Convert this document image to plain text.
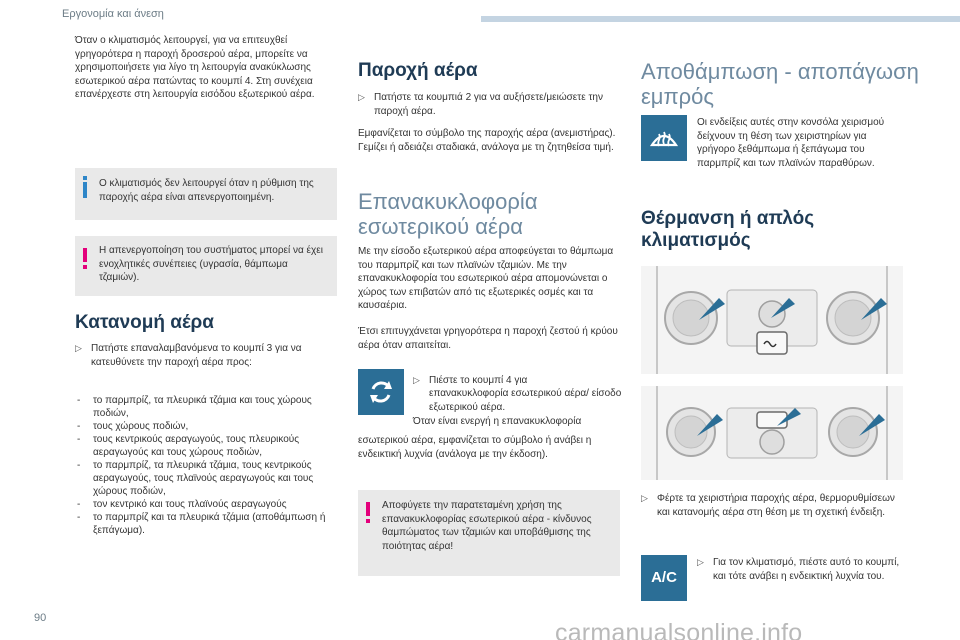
Εργονομία και άνεση

Όταν ο κλιματισμός λειτουργεί, για να επιτευχθεί γρηγορότερα η παροχή δροσερού αέρα, μπορείτε να χρησιμοποιήσετε για λίγο τη λειτουργία ανακύκλωσης εσωτερικού αέρα πατώντας το κουμπί 4. Στη συνέχεια επανέρχεστε στη λειτουργία εισόδου εξωτερικού αέρα.

Ο κλιματισμός δεν λειτουργεί όταν η ρύθμιση της παροχής αέρα είναι απενεργοποιημένη.

Η απενεργοποίηση του συστήματος μπορεί να έχει ενοχλητικές συνέπειες (υγρασία, θάμπωμα τζαμιών).

Κατανομή αέρα
▷ Πατήστε επαναλαμβανόμενα το κουμπί 3 για να κατευθύνετε την παροχή αέρα προς:

- το παρμπρίζ, τα πλευρικά τζάμια και τους χώρους ποδιών,
- τους χώρους ποδιών,
- τους κεντρικούς αεραγωγούς, τους πλευρικούς αεραγωγούς και τους χώρους ποδιών,
- το παρμπρίζ, τα πλευρικά τζάμια, τους κεντρικούς αεραγωγούς, τους πλαϊνούς αεραγωγούς και τους χώρους ποδιών,
- τον κεντρικό και τους πλαϊνούς αεραγωγούς
- το παρμπρίζ και τα πλευρικά τζάμια (αποθάμπωση ή ξεπάγωμα).
Παροχή αέρα
▷ Πατήστε τα κουμπιά 2 για να αυξήσετε/μειώσετε την παροχή αέρα.

Εμφανίζεται το σύμβολο της παροχής αέρα (ανεμιστήρας). Γεμίζει ή αδειάζει σταδιακά, ανάλογα με τη ζητηθείσα τιμή.

Επανακυκλοφορία
εσωτερικού αέρα

Με την είσοδο εξωτερικού αέρα αποφεύγεται το θάμπωμα του παρμπρίζ και των πλαϊνών τζαμιών. Με την επανακυκλοφορία του εσωτερικού αέρα απομονώνεται ο χώρος των επιβατών από τις εξωτερικές οσμές και τα καυσαέρια.

Έτσι επιτυγχάνεται γρηγορότερα η παροχή ζεστού ή κρύου αέρα όταν απαιτείται.

▷ Πιέστε το κουμπί 4 για

επανακυκλοφορία εσωτερικού αέρα/ είσοδο εξωτερικού αέρα.

Όταν είναι ενεργή η επανακυκλοφορία

εσωτερικού αέρα, εμφανίζεται το σύμβολο ή ανάβει η ενδεικτική λυχνία (ανάλογα με την έκδοση).

Αποφύγετε την παρατεταμένη χρήση της επανακυκλοφορίας εσωτερικού αέρα - κίνδυνος θαμπώματος των τζαμιών και υποβάθμισης της ποιότητας αέρα!

Αποθάμπωση - αποπάγωση
εμπρός

Οι ενδείξεις αυτές στην κονσόλα χειρισμού δείχνουν τη θέση των χειριστηρίων για γρήγορο ξεθάμπωμα ή ξεπάγωμα του παρμπρίζ και των πλαϊνών παραθύρων.

Θέρμανση ή απλός
κλιματισμός
▷ Φέρτε τα χειριστήρια παροχής αέρα, θερμορυθμίσεων και κατανομής αέρα στη θέση με τη σχετική ένδειξη.

A/C
▷ Για τον κλιματισμό, πιέστε αυτό το κουμπί, και τότε ανάβει η ενδεικτική λυχνία του.

90
carmanualsonline.info
